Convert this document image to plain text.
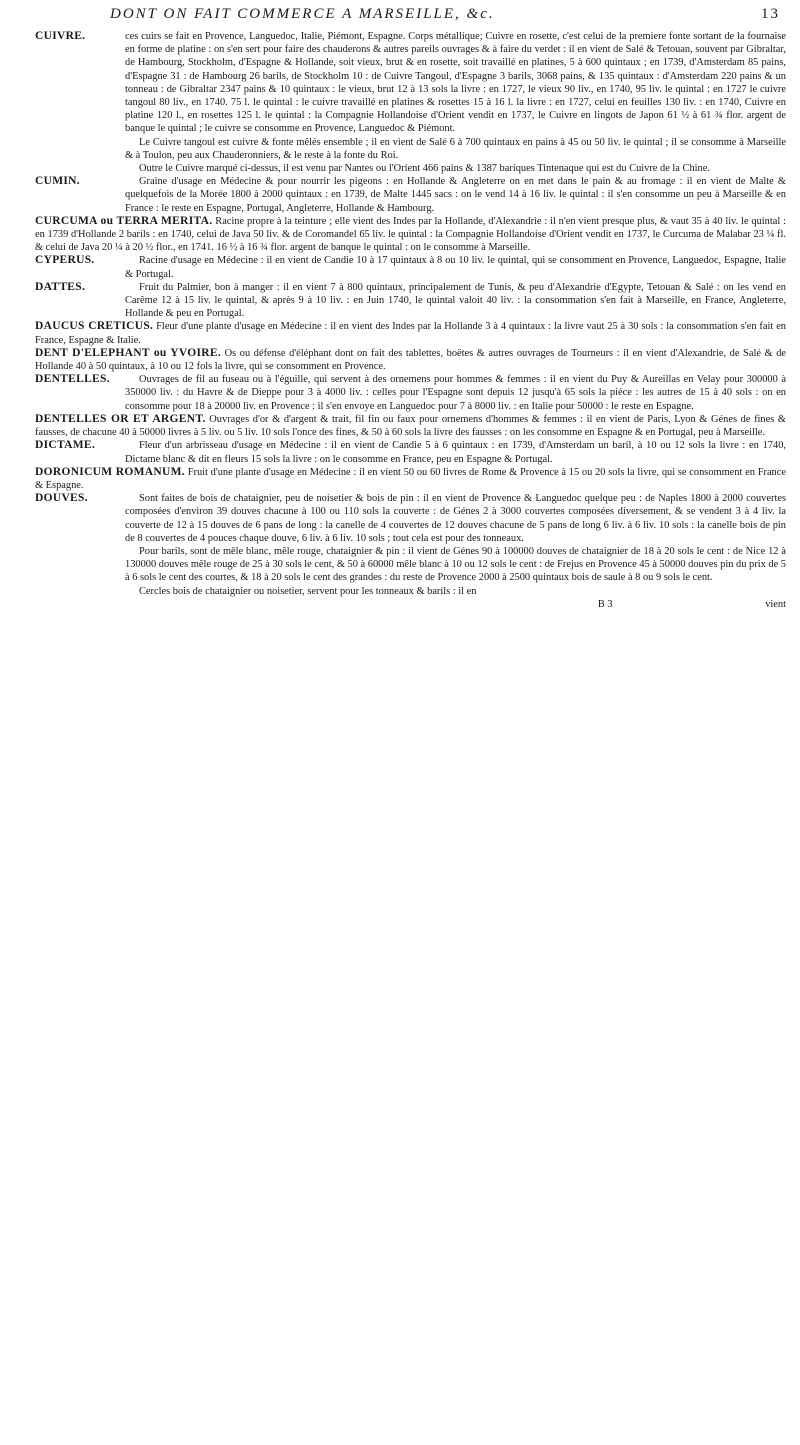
DONT ON FAIT COMMERCE A MARSEILLE, &c.	13
CUIVRE.	ces cuirs se fait en Provence, Languedoc, Italie, Piémont, Espagne. Corps métallique; Cuivre en rosette, c'est celui de la premiere fonte sortant de la fournaise en forme de platine : on s'en sert pour faire des chauderons & autres pareils ouvrages & à faire du verdet : il en vient de Salé & Tetouan, souvent par Gibraltar, de Hambourg, Stockholm, d'Espagne & Hollande, soit vieux, brut & en rosette, soit travaillé en platines, 5 à 600 quintaux ; en 1739, d'Amsterdam 85 pains, d'Espagne 31 : de Hambourg 26 barils, de Stockholm 10 : de Cuivre Tangoul, d'Espagne 3 barils, 3068 pains, & 135 quintaux : d'Amsterdam 220 pains & un tonneau : de Gibraltar 2347 pains & 10 quintaux : le vieux, brut 12 à 13 sols la livre : en 1727, le vieux 90 liv., en 1740, 95 liv. le quintal : en 1727 le cuivre tangoul 80 liv., en 1740. 75 l. le quintal : le cuivre travaillé en platines & rosettes 15 à 16 l. la livre : en 1727, celui en feuilles 130 liv. : en 1740, Cuivre en platine 120 l., en rosettes 125 l. le quintal : la Compagnie Hollandoise d'Orient vendit en 1737, le Cuivre en lingots de Japon 61 ½ à 61 ¾ flor. argent de banque le quintal ; le cuivre se consomme en Provence, Languedoc & Piémont.

Le Cuivre tangoul est cuivre & fonte mêlés ensemble ; il en vient de Salé 6 à 700 quintaux en pains à 45 ou 50 liv. le quintal ; il se consomme à Marseille & à Toulon, peu aux Chauderonniers, & le reste à la fonte du Roi.

Outre le Cuivre marqué ci-dessus, il est venu par Nantes ou l'Orient 466 pains & 1387 bariques Tintenaque qui est du Cuivre de la Chine.

CUMIN.	Graine d'usage en Médecine & pour nourrir les pigeons : en Hollande & Angleterre on en met dans le pain & au fromage : il en vient de Malte & quelquefois de la Morée 1800 à 2000 quintaux : en 1739, de Malte 1445 sacs : on le vend 14 à 16 liv. le quintal : il s'en consomme un peu à Marseille & en France : le reste en Espagne, Portugal, Angleterre, Hollande & Hambourg.

CURCUMA ou TERRA MERITA. Racine propre à la teinture ; elle vient des Indes par la Hollande, d'Alexandrie : il n'en vient presque plus, & vaut 35 à 40 liv. le quintal : en 1739 d'Hollande 2 barils : en 1740, celui de Java 50 liv. & de Coromandel 65 liv. le quintal : la Compagnie Hollandoise d'Orient vendit en 1737, le Curcuma de Malabar 23 ¼ fl. & celui de Java 20 ¼ à 20 ½ flor., en 1741. 16 ½ à 16 ¾ flor. argent de banque le quintal : on le consomme à Marseille.

CYPERUS.	Racine d'usage en Médecine : il en vient de Candie 10 à 17 quintaux à 8 ou 10 liv. le quintal, qui se consomment en Provence, Languedoc, Espagne, Italie & Portugal.

DATTES.	Fruit du Palmier, bon à manger : il en vient 7 à 800 quintaux, principalement de Tunis, & peu d'Alexandrie d'Egypte, Tetouan & Salé : on les vend en Carême 12 à 15 liv. le quintal, & après 9 à 10 liv. : en Juin 1740, le quintal valoit 40 liv. : la consommation s'en fait à Marseille, en France, Angleterre, Hollande & peu en Portugal.

DAUCUS CRETICUS. Fleur d'une plante d'usage en Médecine : il en vient des Indes par la Hollande 3 à 4 quintaux : la livre vaut 25 à 30 sols : la consommation s'en fait en France, Espagne & Italie.

DENT D'ELEPHANT ou YVOIRE. Os ou défense d'éléphant dont on fait des tablettes, boëtes & autres ouvrages de Tourneurs : il en vient d'Alexandrie, de Salé & de Hollande 40 à 50 quintaux, à 10 ou 12 fols la livre, qui se consomment en Provence.

DENTELLES.	Ouvrages de fil au fuseau ou à l'éguille, qui servent à des ornemens pour hommes & femmes : il en vient du Puy & Aureillas en Velay pour 300000 à 350000 liv. : du Havre & de Dieppe pour 3 à 4000 liv. : celles pour l'Espagne sont depuis 12 jusqu'à 65 sols la piéce : les autres de 15 à 40 sols : on en consomme pour 18 à 20000 liv. en Provence : il s'en envoye en Languedoc pour 7 à 8000 liv. : en Italie pour 50000 : le reste en Espagne.

DENTELLES OR ET ARGENT. Ouvrages d'or & d'argent & trait, fil fin ou faux pour ornemens d'hommes & femmes : il en vient de Paris, Lyon & Génes de fines & fausses, de chacune 40 à 50000 livres à 5 liv. ou 5 liv. 10 sols l'once des fines, & 50 à 60 sols la livre des fausses : on les consomme en Espagne & en Portugal, peu à Marseille.

DICTAME.	Fleur d'un arbrisseau d'usage en Médecine : il en vient de Candie 5 à 6 quintaux : en 1739, d'Amsterdam un baril, à 10 ou 12 sols la livre : en 1740, Dictame blanc & dit en fleurs 15 sols la livre : on le consomme en France, peu en Espagne & Portugal.

DORONICUM ROMANUM. Fruit d'une plante d'usage en Médecine : il en vient 50 ou 60 livres de Rome & Provence à 15 ou 20 sols la livre, qui se consomment en France & Espagne.

DOUVES.	Sont faites de bois de chataignier, peu de noisetier & bois de pin : il en vient de Provence & Languedoc quelque peu : de Naples 1800 à 2000 couvertes composées d'environ 39 douves chacune à 100 ou 110 sols la couverte : de Génes 2 à 3000 couvertes composées diversement, & se vendent 3 à 4 liv. la couverte de 12 à 15 douves de 6 pans de long : la canelle de 4 couvertes de 12 douves chacune de 5 pans de long 6 liv. à 6 liv. 10 sols : la canelle bois de pin de 8 couvertes de 4 pouces chaque douve, 6 liv. à 6 liv. 10 sols ; tout cela est pour des tonneaux.

Pour barils, sont de mêle blanc, mêle rouge, chataignier & pin : il vient de Génes 90 à 100000 douves de chataignier de 18 à 20 sols le cent : de Nice 12 à 130000 douves mêle rouge de 25 à 30 sols le cent, & 50 à 60000 mêle blanc à 10 ou 12 sols le cent : de Frejus en Provence 45 à 50000 douves pin du prix de 5 à 6 sols le cent des courtes, & 18 à 20 sols le cent des grandes : du reste de Provence 2000 à 2500 quintaux bois de saule à 8 ou 9 sols le cent.

Cercles bois de chataignier ou noisetier, servent pour les tonneaux & barils : il en

B 3	vient
